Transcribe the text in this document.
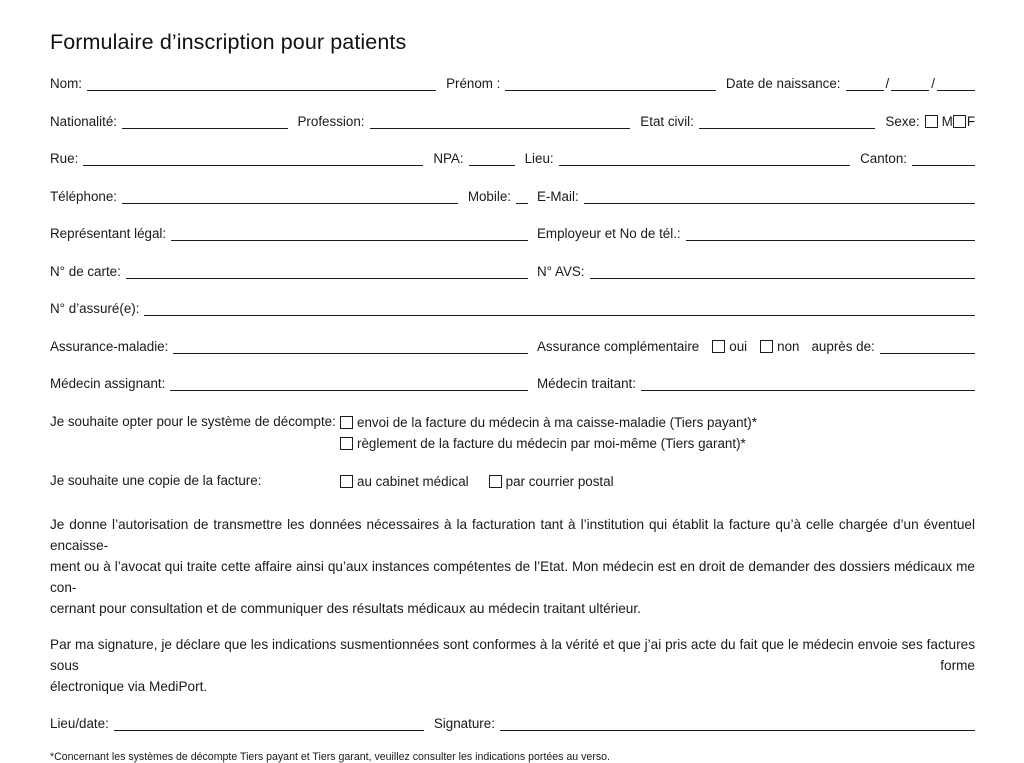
Formulaire d’inscription pour patients
Nom:	Prénom :	Date de naissance:	/	/
Nationalité:	Profession:	Etat civil:	Sexe:	M F
Rue:	NPA:	Lieu:	Canton:
Téléphone:	Mobile:	E-Mail:
Représentant légal:	Employeur et No de tél.:
N° de carte:	N° AVS:
N° d’assuré(e):
Assurance-maladie:	Assurance complémentaire	oui non auprès de:
Médecin assignant:	Médecin traitant:
Je souhaite opter pour le système de décompte:	envoi de la facture du médecin à ma caisse-maladie (Tiers payant)*
règlement de la facture du médecin par moi-même (Tiers garant)*
Je souhaite une copie de la facture:	au cabinet médical	par courrier postal
Je donne l’autorisation de transmettre les données nécessaires à la facturation tant à l’institution qui établit la facture qu’à celle chargée d’un éventuel encaisse-
ment ou à l’avocat qui traite cette affaire ainsi qu’aux instances compétentes de l’Etat. Mon médecin est en droit de demander des dossiers médicaux me con-
cernant pour consultation et de communiquer des résultats médicaux au médecin traitant ultérieur.
Par ma signature, je déclare que les indications susmentionnées sont conformes à la vérité et que j’ai pris acte du fait que le médecin envoie ses factures sous forme
électronique via MediPort.
Lieu/date:	Signature:
*Concernant les systèmes de décompte Tiers payant et Tiers garant, veuillez consulter les indications portées au verso.
